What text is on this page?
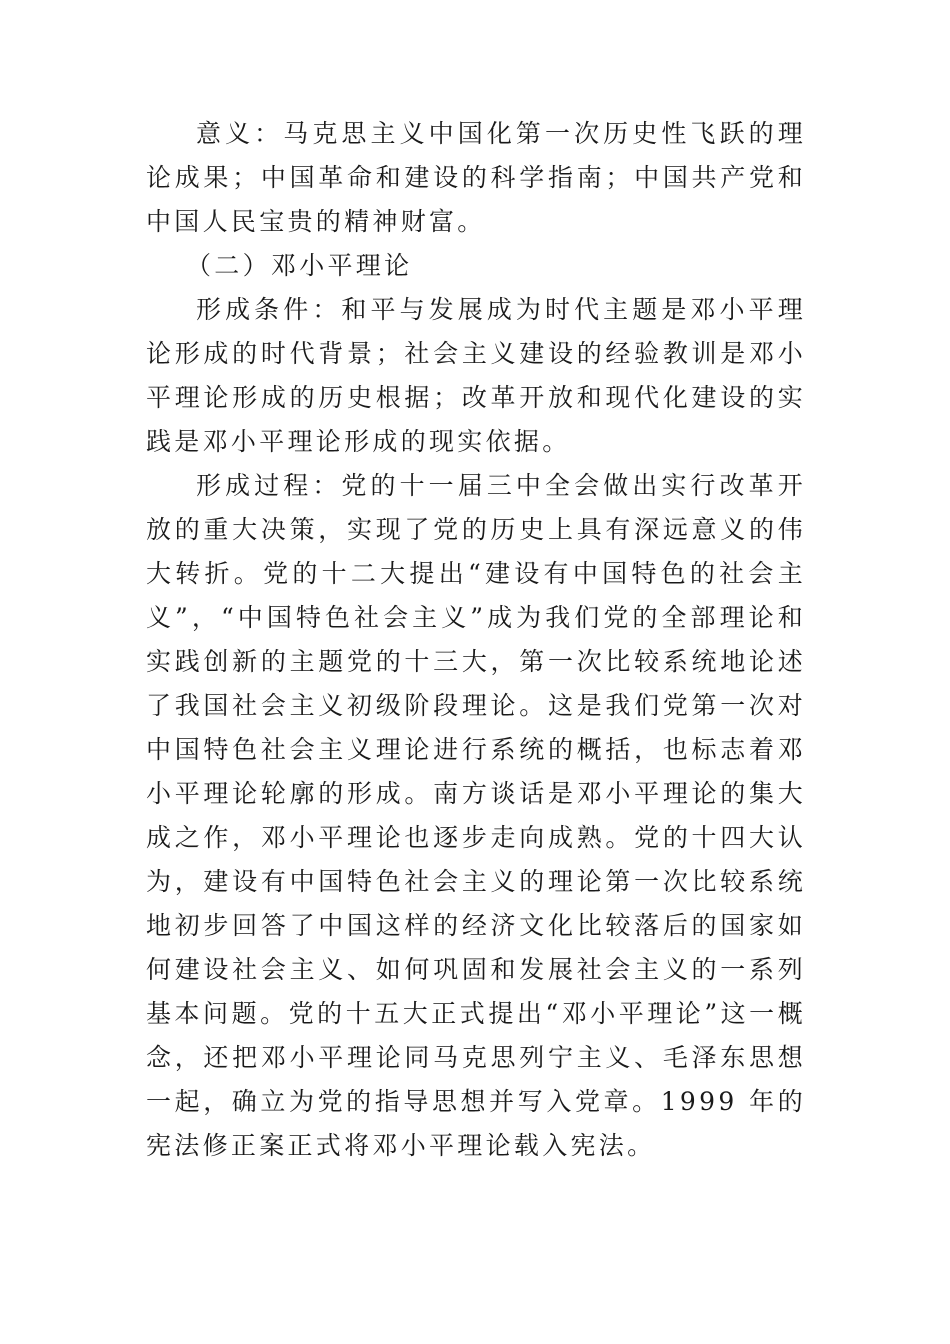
意义：马克思主义中国化第一次历史性飞跃的理论成果；中国革命和建设的科学指南；中国共产党和中国人民宝贵的精神财富。

（二）邓小平理论

形成条件：和平与发展成为时代主题是邓小平理论形成的时代背景；社会主义建设的经验教训是邓小平理论形成的历史根据；改革开放和现代化建设的实践是邓小平理论形成的现实依据。

形成过程：党的十一届三中全会做出实行改革开放的重大决策，实现了党的历史上具有深远意义的伟大转折。党的十二大提出“建设有中国特色的社会主义”，“中国特色社会主义”成为我们党的全部理论和实践创新的主题党的十三大，第一次比较系统地论述了我国社会主义初级阶段理论。这是我们党第一次对中国特色社会主义理论进行系统的概括，也标志着邓小平理论轮廓的形成。南方谈话是邓小平理论的集大成之作，邓小平理论也逐步走向成熟。党的十四大认为，建设有中国特色社会主义的理论第一次比较系统地初步回答了中国这样的经济文化比较落后的国家如何建设社会主义、如何巩固和发展社会主义的一系列基本问题。党的十五大正式提出“邓小平理论”这一概念，还把邓小平理论同马克思列宁主义、毛泽东思想一起，确立为党的指导思想并写入党章。1999 年的宪法修正案正式将邓小平理论载入宪法。
